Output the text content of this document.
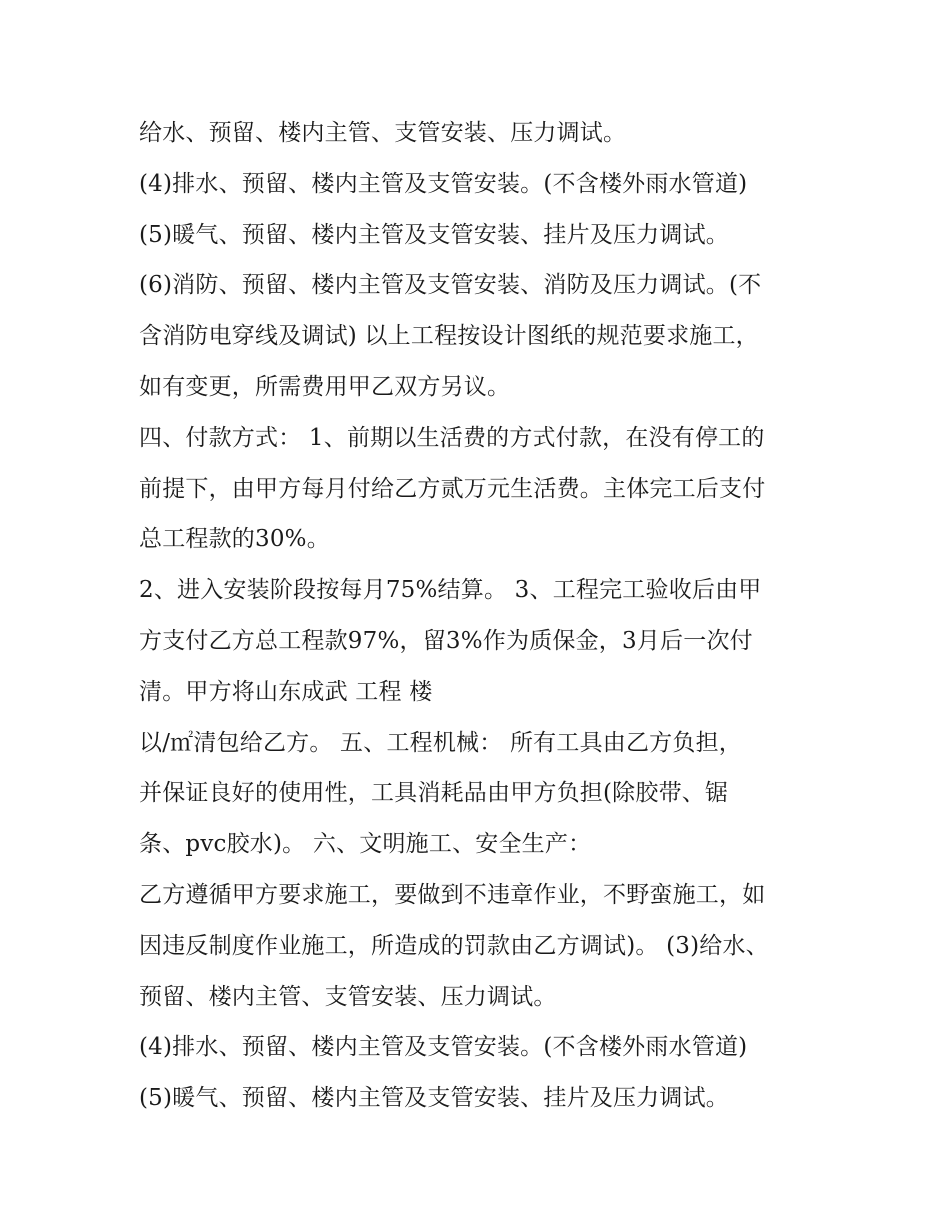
给水、预留、楼内主管、支管安装、压力调试。
(4)排水、预留、楼内主管及支管安装。(不含楼外雨水管道)
(5)暖气、预留、楼内主管及支管安装、挂片及压力调试。
(6)消防、预留、楼内主管及支管安装、消防及压力调试。(不
含消防电穿线及调试) 以上工程按设计图纸的规范要求施工，
如有变更，所需费用甲乙双方另议。
四、付款方式： 1、前期以生活费的方式付款，在没有停工的
前提下，由甲方每月付给乙方贰万元生活费。主体完工后支付
总工程款的30%。
2、进入安装阶段按每月75%结算。 3、工程完工验收后由甲
方支付乙方总工程款97%，留3%作为质保金，3月后一次付
清。甲方将山东成武 工程 楼
以/㎡清包给乙方。 五、工程机械： 所有工具由乙方负担，
并保证良好的使用性，工具消耗品由甲方负担(除胶带、锯
条、pvc胶水)。 六、文明施工、安全生产：
乙方遵循甲方要求施工，要做到不违章作业，不野蛮施工，如
因违反制度作业施工，所造成的罚款由乙方调试)。 (3)给水、
预留、楼内主管、支管安装、压力调试。
(4)排水、预留、楼内主管及支管安装。(不含楼外雨水管道)
(5)暖气、预留、楼内主管及支管安装、挂片及压力调试。
